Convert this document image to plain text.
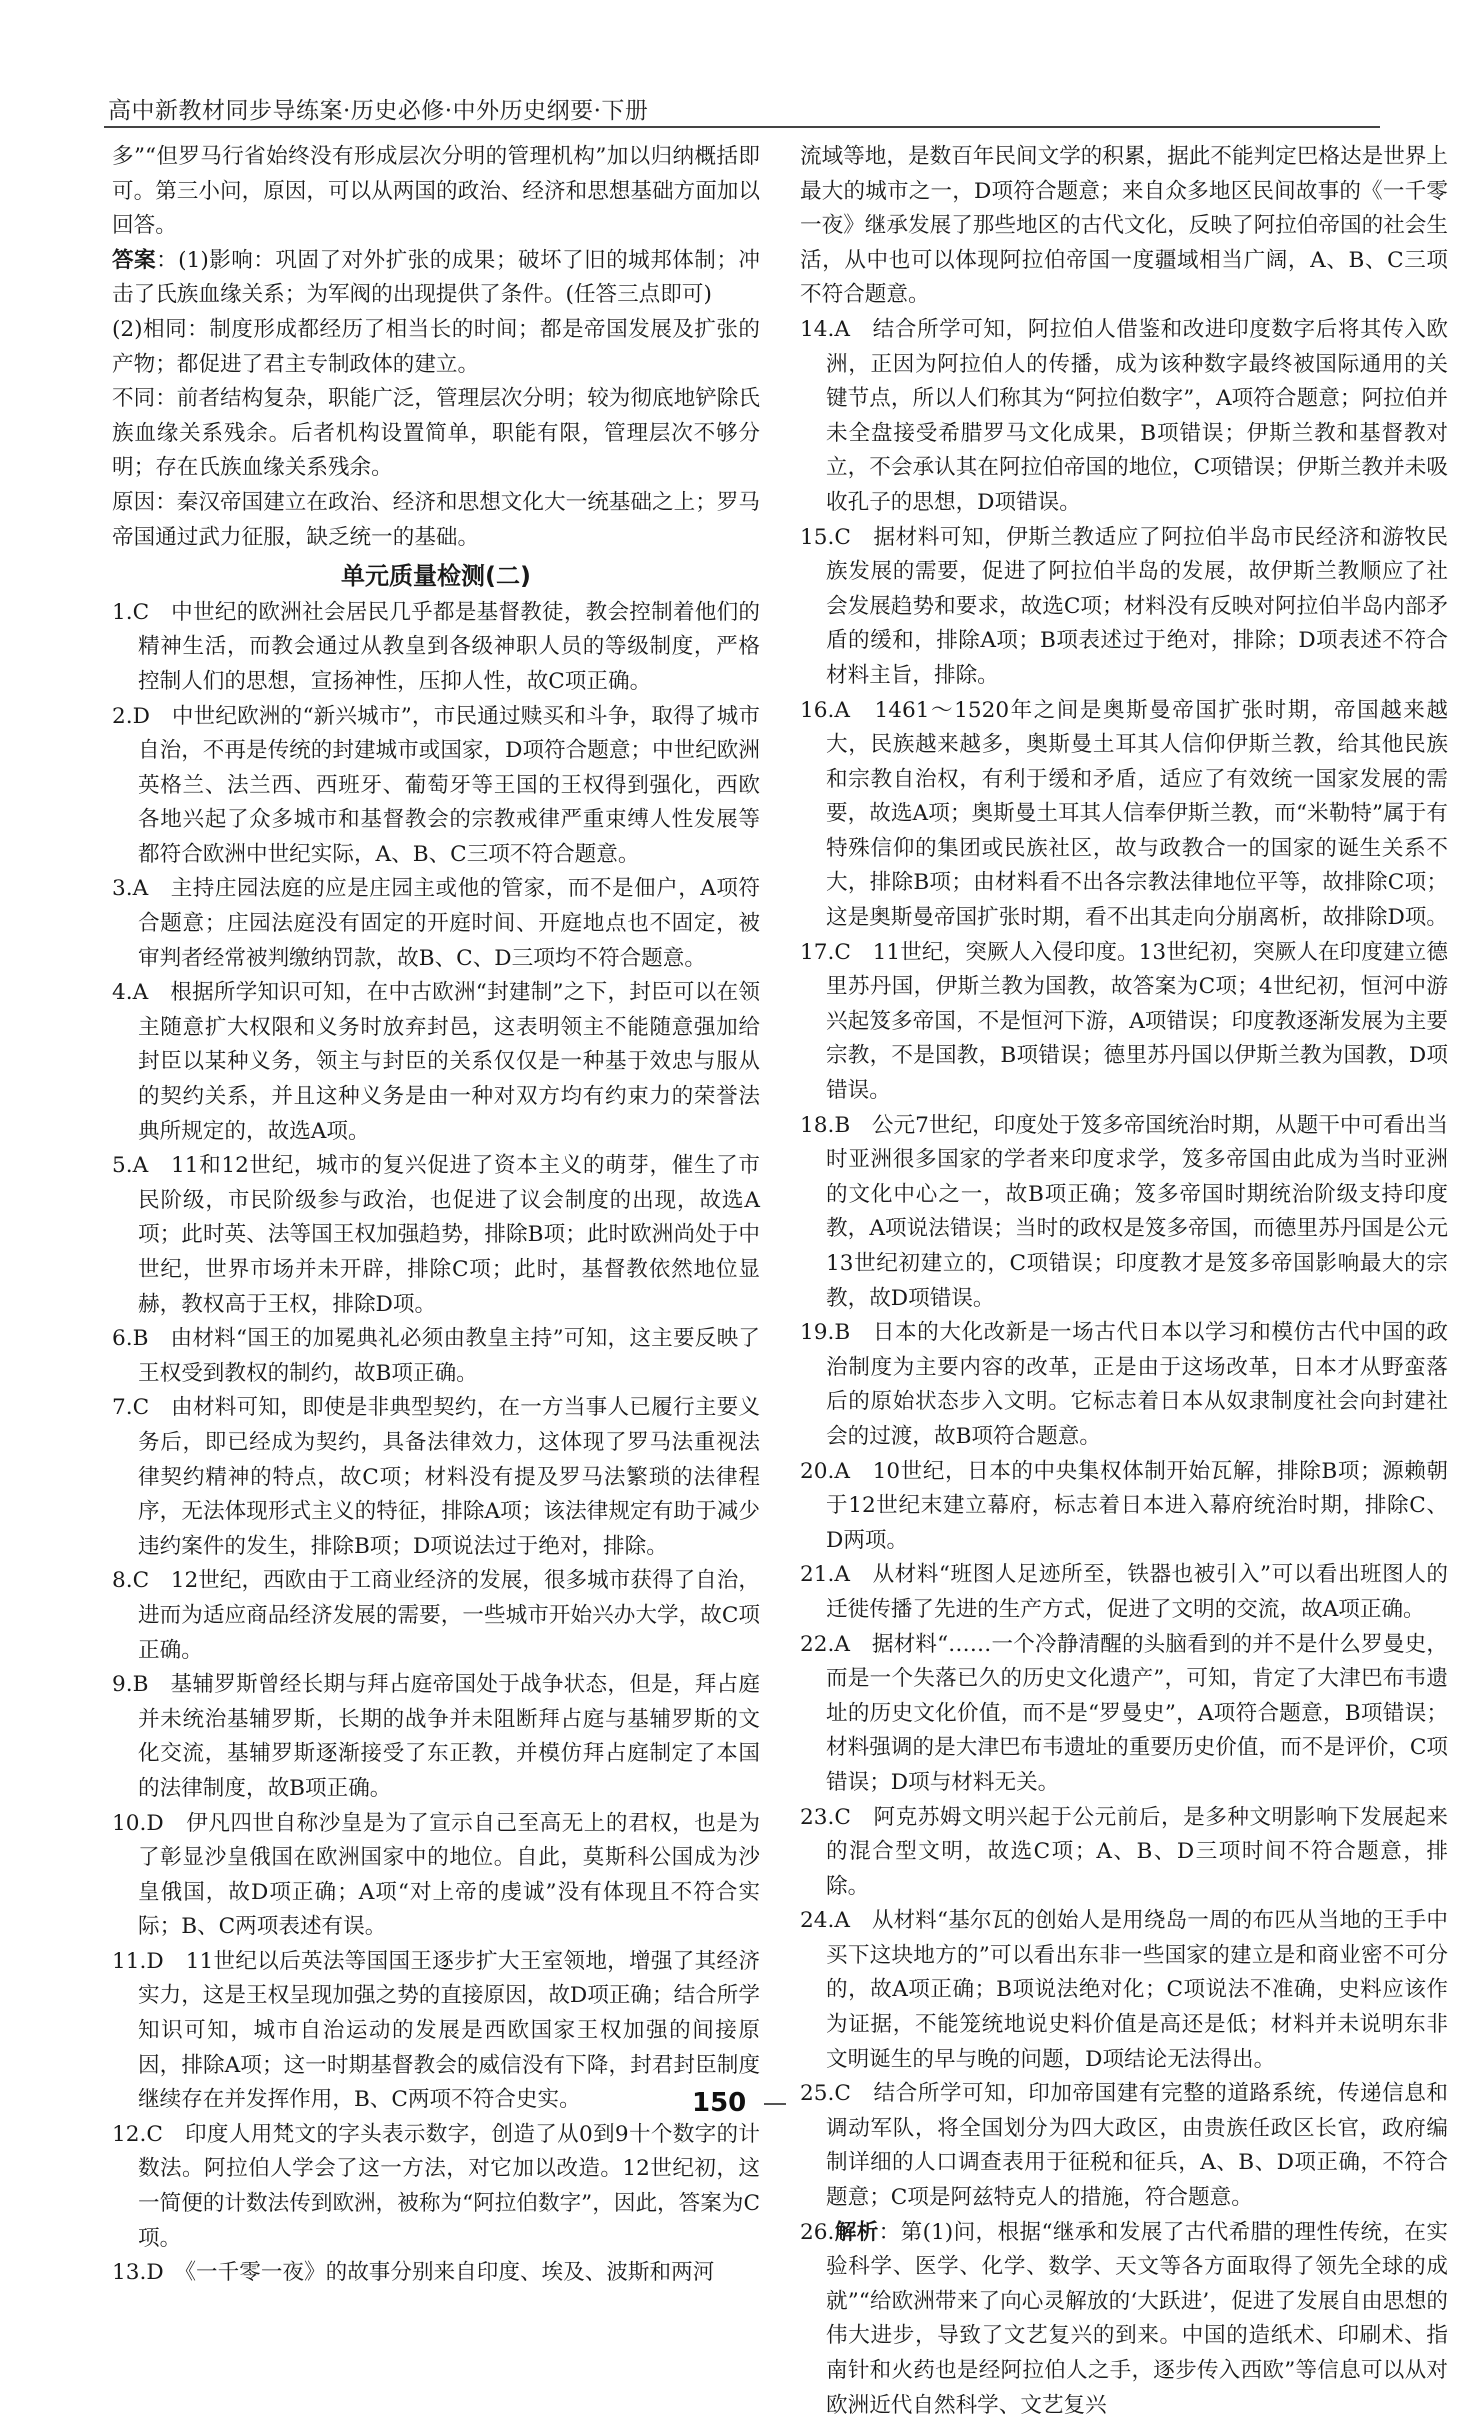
高中新教材同步导练案·历史必修·中外历史纲要·下册

多”“但罗马行省始终没有形成层次分明的管理机构”加以归纳概括即可。第三小问，原因，可以从两国的政治、经济和思想基础方面加以回答。

答案：(1)影响：巩固了对外扩张的成果；破坏了旧的城邦体制；冲击了氏族血缘关系；为军阀的出现提供了条件。(任答三点即可)

(2)相同：制度形成都经历了相当长的时间；都是帝国发展及扩张的产物；都促进了君主专制政体的建立。

不同：前者结构复杂，职能广泛，管理层次分明；较为彻底地铲除氏族血缘关系残余。后者机构设置简单，职能有限，管理层次不够分明；存在氏族血缘关系残余。

原因：秦汉帝国建立在政治、经济和思想文化大一统基础之上；罗马帝国通过武力征服，缺乏统一的基础。

单元质量检测(二)

1.C　中世纪的欧洲社会居民几乎都是基督教徒，教会控制着他们的精神生活，而教会通过从教皇到各级神职人员的等级制度，严格控制人们的思想，宣扬神性，压抑人性，故C项正确。

2.D　中世纪欧洲的“新兴城市”，市民通过赎买和斗争，取得了城市自治，不再是传统的封建城市或国家，D项符合题意；中世纪欧洲英格兰、法兰西、西班牙、葡萄牙等王国的王权得到强化，西欧各地兴起了众多城市和基督教会的宗教戒律严重束缚人性发展等都符合欧洲中世纪实际，A、B、C三项不符合题意。

3.A　主持庄园法庭的应是庄园主或他的管家，而不是佃户，A项符合题意；庄园法庭没有固定的开庭时间、开庭地点也不固定，被审判者经常被判缴纳罚款，故B、C、D三项均不符合题意。

4.A　根据所学知识可知，在中古欧洲“封建制”之下，封臣可以在领主随意扩大权限和义务时放弃封邑，这表明领主不能随意强加给封臣以某种义务，领主与封臣的关系仅仅是一种基于效忠与服从的契约关系，并且这种义务是由一种对双方均有约束力的荣誉法典所规定的，故选A项。

5.A　11和12世纪，城市的复兴促进了资本主义的萌芽，催生了市民阶级，市民阶级参与政治，也促进了议会制度的出现，故选A项；此时英、法等国王权加强趋势，排除B项；此时欧洲尚处于中世纪，世界市场并未开辟，排除C项；此时，基督教依然地位显赫，教权高于王权，排除D项。

6.B　由材料“国王的加冕典礼必须由教皇主持”可知，这主要反映了王权受到教权的制约，故B项正确。

7.C　由材料可知，即使是非典型契约，在一方当事人已履行主要义务后，即已经成为契约，具备法律效力，这体现了罗马法重视法律契约精神的特点，故C项；材料没有提及罗马法繁琐的法律程序，无法体现形式主义的特征，排除A项；该法律规定有助于减少违约案件的发生，排除B项；D项说法过于绝对，排除。

8.C　12世纪，西欧由于工商业经济的发展，很多城市获得了自治，进而为适应商品经济发展的需要，一些城市开始兴办大学，故C项正确。

9.B　基辅罗斯曾经长期与拜占庭帝国处于战争状态，但是，拜占庭并未统治基辅罗斯，长期的战争并未阻断拜占庭与基辅罗斯的文化交流，基辅罗斯逐渐接受了东正教，并模仿拜占庭制定了本国的法律制度，故B项正确。

10.D　伊凡四世自称沙皇是为了宣示自己至高无上的君权，也是为了彰显沙皇俄国在欧洲国家中的地位。自此，莫斯科公国成为沙皇俄国，故D项正确；A项“对上帝的虔诚”没有体现且不符合实际；B、C两项表述有误。

11.D　11世纪以后英法等国国王逐步扩大王室领地，增强了其经济实力，这是王权呈现加强之势的直接原因，故D项正确；结合所学知识可知，城市自治运动的发展是西欧国家王权加强的间接原因，排除A项；这一时期基督教会的威信没有下降，封君封臣制度继续存在并发挥作用，B、C两项不符合史实。

12.C　印度人用梵文的字头表示数字，创造了从0到9十个数字的计数法。阿拉伯人学会了这一方法，对它加以改造。12世纪初，这一简便的计数法传到欧洲，被称为“阿拉伯数字”，因此，答案为C项。

13.D　《一千零一夜》的故事分别来自印度、埃及、波斯和两河

流域等地，是数百年民间文学的积累，据此不能判定巴格达是世界上最大的城市之一，D项符合题意；来自众多地区民间故事的《一千零一夜》继承发展了那些地区的古代文化，反映了阿拉伯帝国的社会生活，从中也可以体现阿拉伯帝国一度疆域相当广阔，A、B、C三项不符合题意。

14.A　结合所学可知，阿拉伯人借鉴和改进印度数字后将其传入欧洲，正因为阿拉伯人的传播，成为该种数字最终被国际通用的关键节点，所以人们称其为“阿拉伯数字”，A项符合题意；阿拉伯并未全盘接受希腊罗马文化成果，B项错误；伊斯兰教和基督教对立，不会承认其在阿拉伯帝国的地位，C项错误；伊斯兰教并未吸收孔子的思想，D项错误。

15.C　据材料可知，伊斯兰教适应了阿拉伯半岛市民经济和游牧民族发展的需要，促进了阿拉伯半岛的发展，故伊斯兰教顺应了社会发展趋势和要求，故选C项；材料没有反映对阿拉伯半岛内部矛盾的缓和，排除A项；B项表述过于绝对，排除；D项表述不符合材料主旨，排除。

16.A　1461～1520年之间是奥斯曼帝国扩张时期，帝国越来越大，民族越来越多，奥斯曼土耳其人信仰伊斯兰教，给其他民族和宗教自治权，有利于缓和矛盾，适应了有效统一国家发展的需要，故选A项；奥斯曼土耳其人信奉伊斯兰教，而“米勒特”属于有特殊信仰的集团或民族社区，故与政教合一的国家的诞生关系不大，排除B项；由材料看不出各宗教法律地位平等，故排除C项；这是奥斯曼帝国扩张时期，看不出其走向分崩离析，故排除D项。

17.C　11世纪，突厥人入侵印度。13世纪初，突厥人在印度建立德里苏丹国，伊斯兰教为国教，故答案为C项；4世纪初，恒河中游兴起笈多帝国，不是恒河下游，A项错误；印度教逐渐发展为主要宗教，不是国教，B项错误；德里苏丹国以伊斯兰教为国教，D项错误。

18.B　公元7世纪，印度处于笈多帝国统治时期，从题干中可看出当时亚洲很多国家的学者来印度求学，笈多帝国由此成为当时亚洲的文化中心之一，故B项正确；笈多帝国时期统治阶级支持印度教，A项说法错误；当时的政权是笈多帝国，而德里苏丹国是公元13世纪初建立的，C项错误；印度教才是笈多帝国影响最大的宗教，故D项错误。

19.B　日本的大化改新是一场古代日本以学习和模仿古代中国的政治制度为主要内容的改革，正是由于这场改革，日本才从野蛮落后的原始状态步入文明。它标志着日本从奴隶制度社会向封建社会的过渡，故B项符合题意。

20.A　10世纪，日本的中央集权体制开始瓦解，排除B项；源赖朝于12世纪末建立幕府，标志着日本进入幕府统治时期，排除C、D两项。

21.A　从材料“班图人足迹所至，铁器也被引入”可以看出班图人的迁徙传播了先进的生产方式，促进了文明的交流，故A项正确。

22.A　据材料“……一个冷静清醒的头脑看到的并不是什么罗曼史，而是一个失落已久的历史文化遗产”，可知，肯定了大津巴布韦遗址的历史文化价值，而不是“罗曼史”，A项符合题意，B项错误；材料强调的是大津巴布韦遗址的重要历史价值，而不是评价，C项错误；D项与材料无关。

23.C　阿克苏姆文明兴起于公元前后，是多种文明影响下发展起来的混合型文明，故选C项；A、B、D三项时间不符合题意，排除。

24.A　从材料“基尔瓦的创始人是用绕岛一周的布匹从当地的王手中买下这块地方的”可以看出东非一些国家的建立是和商业密不可分的，故A项正确；B项说法绝对化；C项说法不准确，史料应该作为证据，不能笼统地说史料价值是高还是低；材料并未说明东非文明诞生的早与晚的问题，D项结论无法得出。

25.C　结合所学可知，印加帝国建有完整的道路系统，传递信息和调动军队，将全国划分为四大政区，由贵族任政区长官，政府编制详细的人口调查表用于征税和征兵，A、B、D项正确，不符合题意；C项是阿兹特克人的措施，符合题意。

26.解析：第(1)问，根据“继承和发展了古代希腊的理性传统，在实验科学、医学、化学、数学、天文等各方面取得了领先全球的成就”“给欧洲带来了向心灵解放的‘大跃进’，促进了发展自由思想的伟大进步，导致了文艺复兴的到来。中国的造纸术、印刷术、指南针和火药也是经阿拉伯人之手，逐步传入西欧”等信息可以从对欧洲近代自然科学、文艺复兴

150
